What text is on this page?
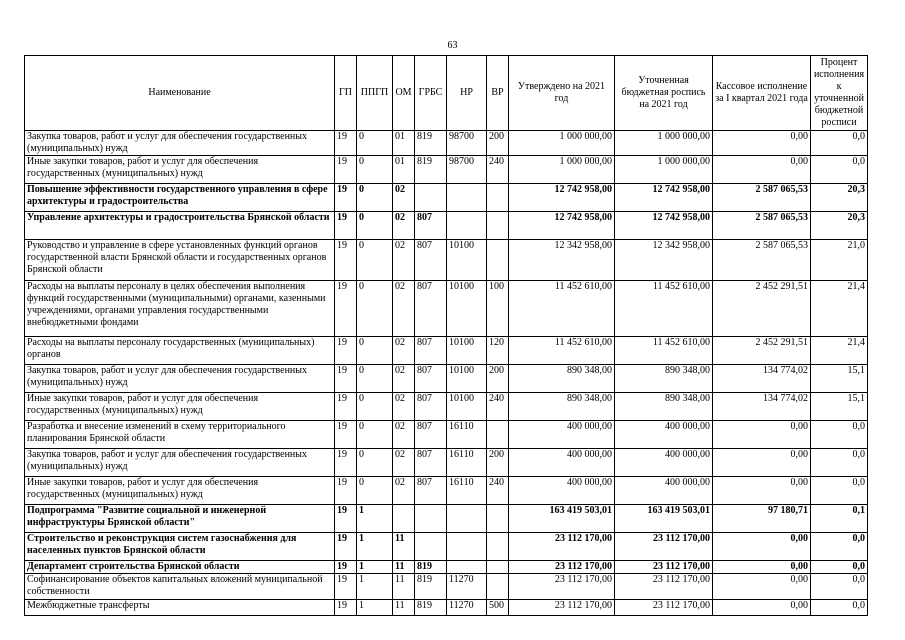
63
Наименование	ГП	ППГП	ОМ	ГРБС	НР	ВР	Утверждено на 2021 год	Уточненная бюджетная роспись на 2021 год	Кассовое исполнение за I квартал 2021 года	Процент исполнения к уточненной бюджетной росписи
Закупка товаров, работ и услуг для обеспечения государственных (муниципальных) нужд	19	0	01	819	98700	200	1 000 000,00	1 000 000,00	0,00	0,0
Иные закупки товаров, работ и услуг для обеспечения государственных (муниципальных) нужд	19	0	01	819	98700	240	1 000 000,00	1 000 000,00	0,00	0,0
Повышение эффективности государственного управления в сфере архитектуры и градостроительства	19	0	02				12 742 958,00	12 742 958,00	2 587 065,53	20,3
Управление архитектуры и градостроительства Брянской области	19	0	02	807			12 742 958,00	12 742 958,00	2 587 065,53	20,3
Руководство и управление в сфере установленных функций органов государственной власти Брянской области и государственных органов Брянской области	19	0	02	807	10100		12 342 958,00	12 342 958,00	2 587 065,53	21,0
Расходы на выплаты персоналу в целях обеспечения выполнения функций государственными (муниципальными) органами, казенными учреждениями, органами управления государственными внебюджетными фондами	19	0	02	807	10100	100	11 452 610,00	11 452 610,00	2 452 291,51	21,4
Расходы на выплаты персоналу государственных (муниципальных) органов	19	0	02	807	10100	120	11 452 610,00	11 452 610,00	2 452 291,51	21,4
Закупка товаров, работ и услуг для обеспечения государственных (муниципальных) нужд	19	0	02	807	10100	200	890 348,00	890 348,00	134 774,02	15,1
Иные закупки товаров, работ и услуг для обеспечения государственных (муниципальных) нужд	19	0	02	807	10100	240	890 348,00	890 348,00	134 774,02	15,1
Разработка и внесение изменений в схему территориального планирования Брянской области	19	0	02	807	16110		400 000,00	400 000,00	0,00	0,0
Закупка товаров, работ и услуг для обеспечения государственных (муниципальных) нужд	19	0	02	807	16110	200	400 000,00	400 000,00	0,00	0,0
Иные закупки товаров, работ и услуг для обеспечения государственных (муниципальных) нужд	19	0	02	807	16110	240	400 000,00	400 000,00	0,00	0,0
Подпрограмма "Развитие социальной и инженерной инфраструктуры Брянской области"	19	1					163 419 503,01	163 419 503,01	97 180,71	0,1
Строительство и реконструкция систем газоснабжения для населенных пунктов Брянской области	19	1	11				23 112 170,00	23 112 170,00	0,00	0,0
Департамент строительства Брянской области	19	1	11	819			23 112 170,00	23 112 170,00	0,00	0,0
Софинансирование объектов капитальных вложений муниципальной собственности	19	1	11	819	11270		23 112 170,00	23 112 170,00	0,00	0,0
Межбюджетные трансферты	19	1	11	819	11270	500	23 112 170,00	23 112 170,00	0,00	0,0
